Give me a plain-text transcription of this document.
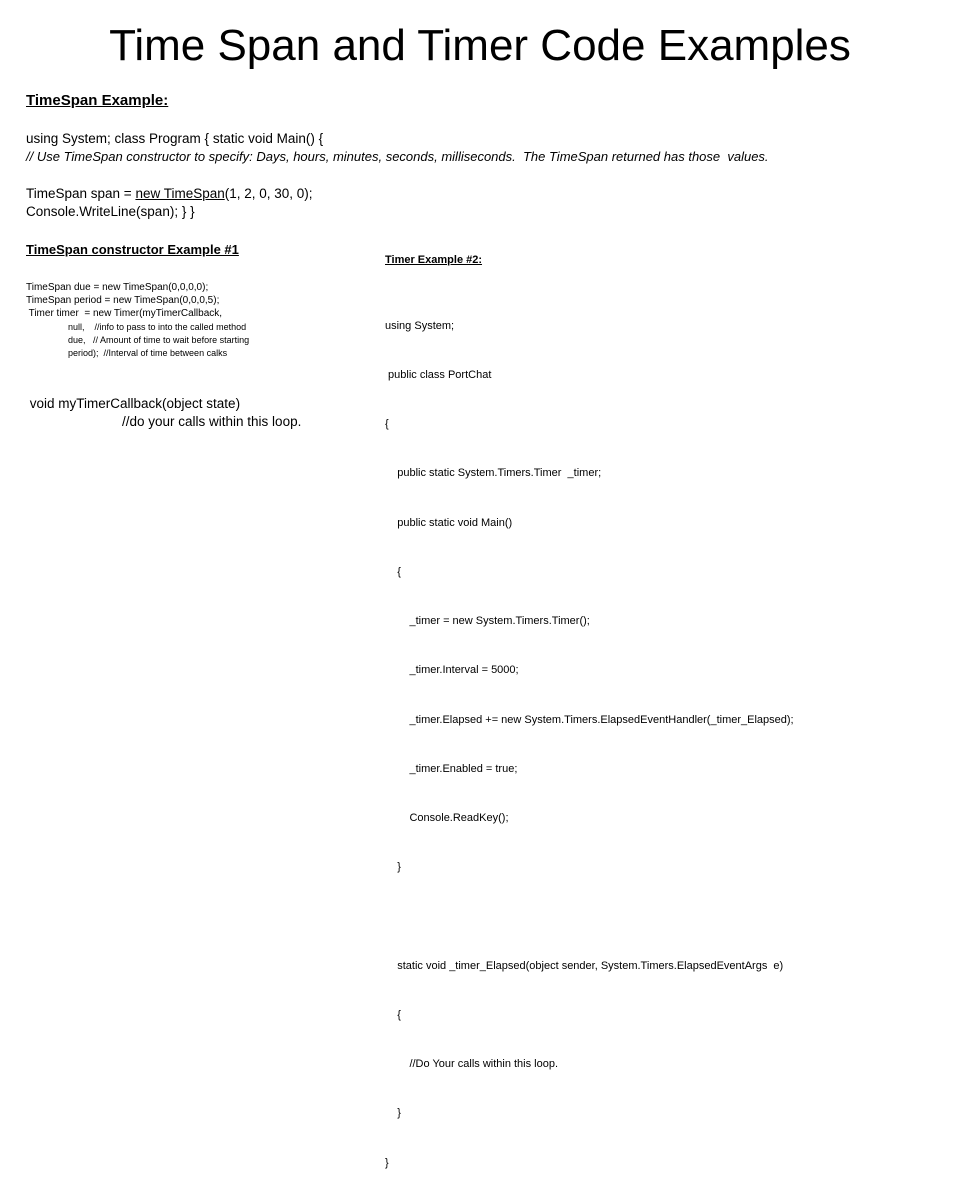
Time Span and Timer Code Examples
TimeSpan Example:
using System; class Program { static void Main() {
// Use TimeSpan constructor to specify: Days, hours, minutes, seconds, milliseconds.  The TimeSpan returned has those  values.
TimeSpan span = new TimeSpan(1, 2, 0, 30, 0);
Console.WriteLine(span); } }
TimeSpan constructor Example #1
TimeSpan due = new TimeSpan(0,0,0,0);
TimeSpan period = new TimeSpan(0,0,0,5);
Timer timer  = new Timer(myTimerCallback,
null,    //info to pass to into the called method
due,   // Amount of time to wait before starting
period);  //Interval of time between calks
void myTimerCallback(object state)
//do your calls within this loop.
Timer Example #2:

using System;

public class PortChat

{

public static System.Timers.Timer  _timer;

public static void Main()

{

_timer = new System.Timers.Timer();

_timer.Interval = 5000;

_timer.Elapsed += new System.Timers.ElapsedEventHandler(_timer_Elapsed);

_timer.Enabled = true;

Console.ReadKey();

}

static void _timer_Elapsed(object sender, System.Timers.ElapsedEventArgs  e)

{

//Do Your calls within this loop.

}

}
